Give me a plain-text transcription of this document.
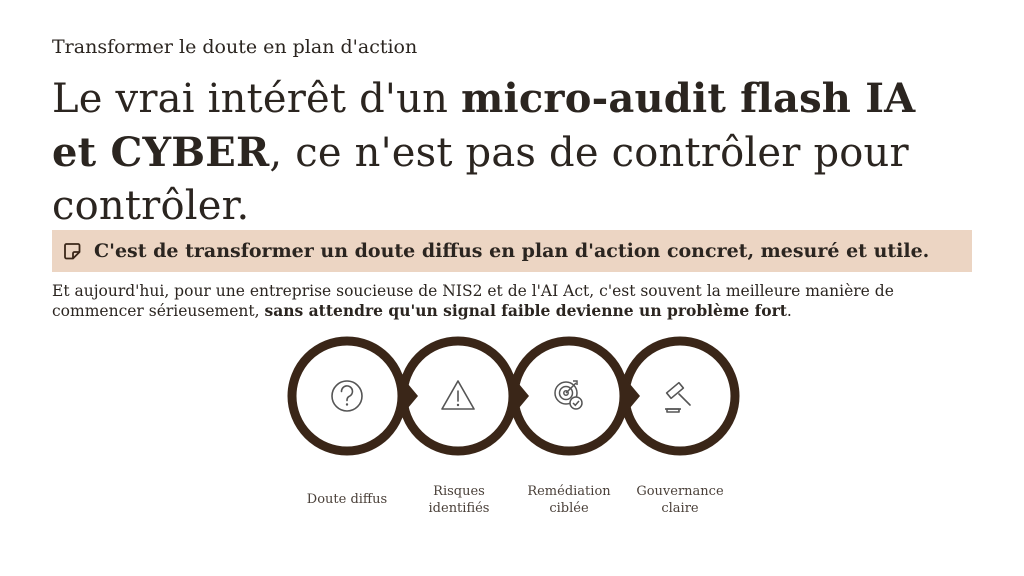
Transformer le doute en plan d'action
Le vrai intérêt d'un micro-audit flash IA et CYBER, ce n'est pas de contrôler pour contrôler.
C'est de transformer un doute diffus en plan d'action concret, mesuré et utile.
Et aujourd'hui, pour une entreprise soucieuse de NIS2 et de l'AI Act, c'est souvent la meilleure manière de commencer sérieusement, sans attendre qu'un signal faible devienne un problème fort.
Doute diffus
Risques identifiés
Remédiation ciblée
Gouvernance claire
